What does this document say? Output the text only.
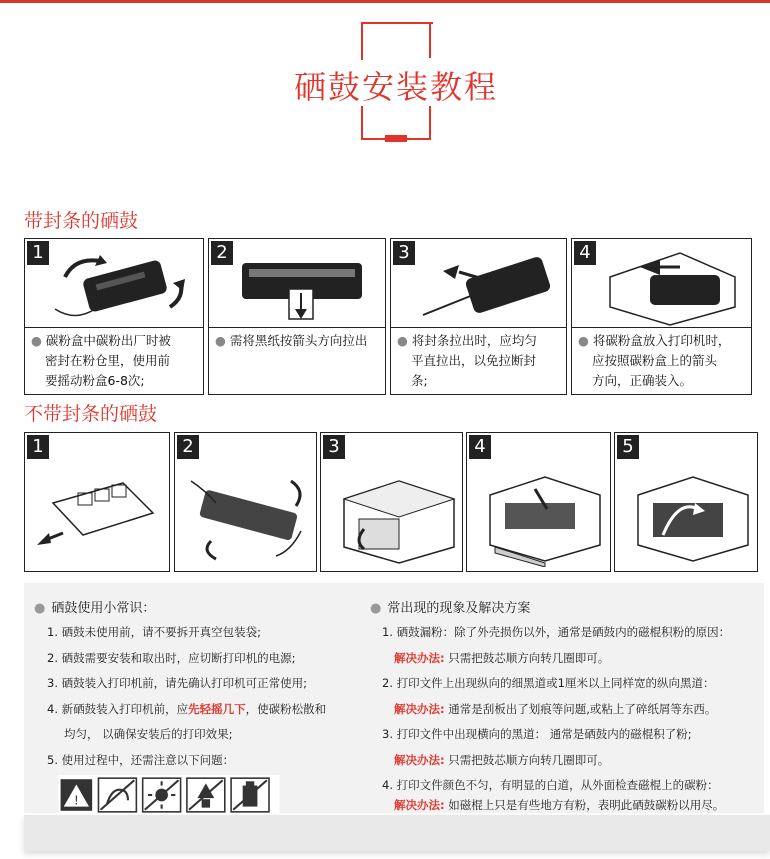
硒鼓安装教程
带封条的硒鼓
1
● 碳粉盒中碳粉出厂时被
密封在粉仓里，使用前
要摇动粉盒6-8次;
2
● 需将黑纸按箭头方向拉出
3
● 将封条拉出时，应均匀
平直拉出，以免拉断封
条;
4
● 将碳粉盒放入打印机时，
应按照碳粉盒上的箭头
方向，正确装入。
不带封条的硒鼓
1	2	3	4	5
● 硒鼓使用小常识：
1. 硒鼓未使用前，请不要拆开真空包装袋;
2. 硒鼓需要安装和取出时，应切断打印机的电源;
3. 硒鼓装入打印机前，请先确认打印机可正常使用;
4. 新硒鼓装入打印机前，应先轻摇几下，使碳粉松散和
均匀， 以确保安装后的打印效果;
5. 使用过程中，还需注意以下问题：
!
● 常出现的现象及解决方案
1. 硒鼓漏粉：除了外壳损伤以外，通常是硒鼓内的磁棍积粉的原因：
解决办法: 只需把鼓芯顺方向转几圈即可。
2. 打印文件上出现纵向的细黑道或1厘米以上同样宽的纵向黑道：
解决办法: 通常是刮板出了划痕等问题,或粘上了碎纸屑等东西。
3. 打印文件中出现横向的黑道： 通常是硒鼓内的磁棍积了粉;
解决办法: 只需把鼓芯顺方向转几圈即可。
4. 打印文件颜色不匀，有明显的白道，从外面检查磁棍上的碳粉：
解决办法: 如磁棍上只是有些地方有粉，表明此硒鼓碳粉以用尽。
